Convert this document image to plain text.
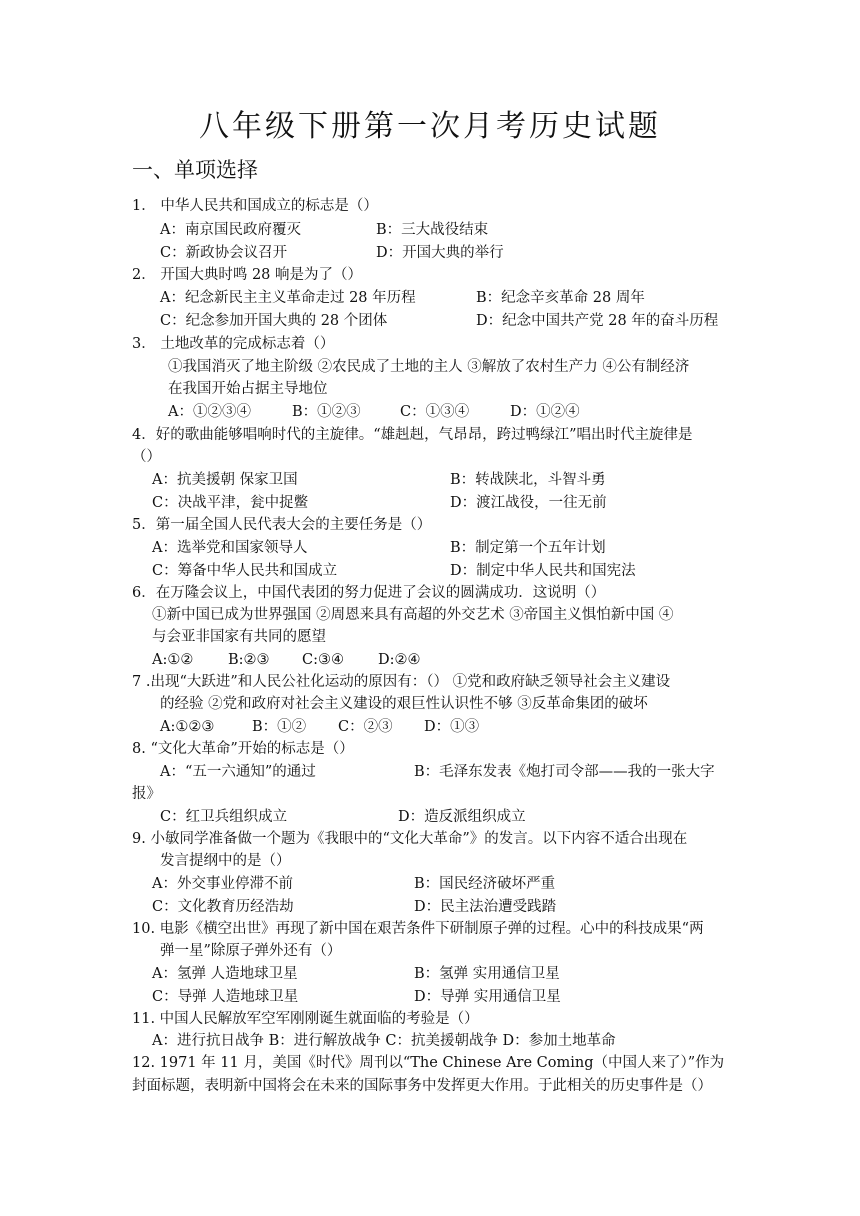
八年级下册第一次月考历史试题
一、单项选择
1． 中华人民共和国成立的标志是（）
A：南京国民政府覆灭	B：三大战役结束
C：新政协会议召开	D：开国大典的举行
2． 开国大典时鸣 28 响是为了（）
A：纪念新民主主义革命走过 28 年历程	B：纪念辛亥革命 28 周年
C：纪念参加开国大典的 28 个团体	D：纪念中国共产党 28 年的奋斗历程
3． 土地改革的完成标志着（）
①我国消灭了地主阶级 ②农民成了土地的主人 ③解放了农村生产力 ④公有制经济
在我国开始占据主导地位
A：①②③④	B：①②③	C：①③④	D：①②④
4．好的歌曲能够唱响时代的主旋律。“雄赳赳，气昂昂，跨过鸭绿江”唱出时代主旋律是
（）
A：抗美援朝 保家卫国	B：转战陕北，斗智斗勇
C：决战平津，瓮中捉鳖	D：渡江战役，一往无前
5．第一届全国人民代表大会的主要任务是（）
A：选举党和国家领导人	B：制定第一个五年计划
C：筹备中华人民共和国成立	D：制定中华人民共和国宪法
6．在万隆会议上，中国代表团的努力促进了会议的圆满成功．这说明（）
①新中国已成为世界强国 ②周恩来具有高超的外交艺术 ③帝国主义惧怕新中国 ④
与会亚非国家有共同的愿望
A:①② B:②③ C:③④ D:②④
7 .出现“大跃进”和人民公社化运动的原因有：（） ①党和政府缺乏领导社会主义建设
的经验 ②党和政府对社会主义建设的艰巨性认识性不够 ③反革命集团的破坏
A:①②③	B：①② C：②③ D：①③
8. “文化大革命”开始的标志是（）
A：“五一六通知”的通过	B：毛泽东发表《炮打司令部——我的一张大字
报》
C：红卫兵组织成立	D：造反派组织成立
9. 小敏同学准备做一个题为《我眼中的“文化大革命”》的发言。以下内容不适合出现在
发言提纲中的是（）
A：外交事业停滞不前	B：国民经济破坏严重
C：文化教育历经浩劫	D：民主法治遭受践踏
10. 电影《横空出世》再现了新中国在艰苦条件下研制原子弹的过程。心中的科技成果“两
弹一星”除原子弹外还有（）
A：氢弹 人造地球卫星	B：氢弹 实用通信卫星
C：导弹 人造地球卫星	D：导弹 实用通信卫星
11. 中国人民解放军空军刚刚诞生就面临的考验是（）
A：进行抗日战争 B：进行解放战争 C：抗美援朝战争 D：参加土地革命
12. 1971 年 11 月，美国《时代》周刊以“The Chinese Are Coming（中国人来了）”作为
封面标题，表明新中国将会在未来的国际事务中发挥更大作用。于此相关的历史事件是（）
